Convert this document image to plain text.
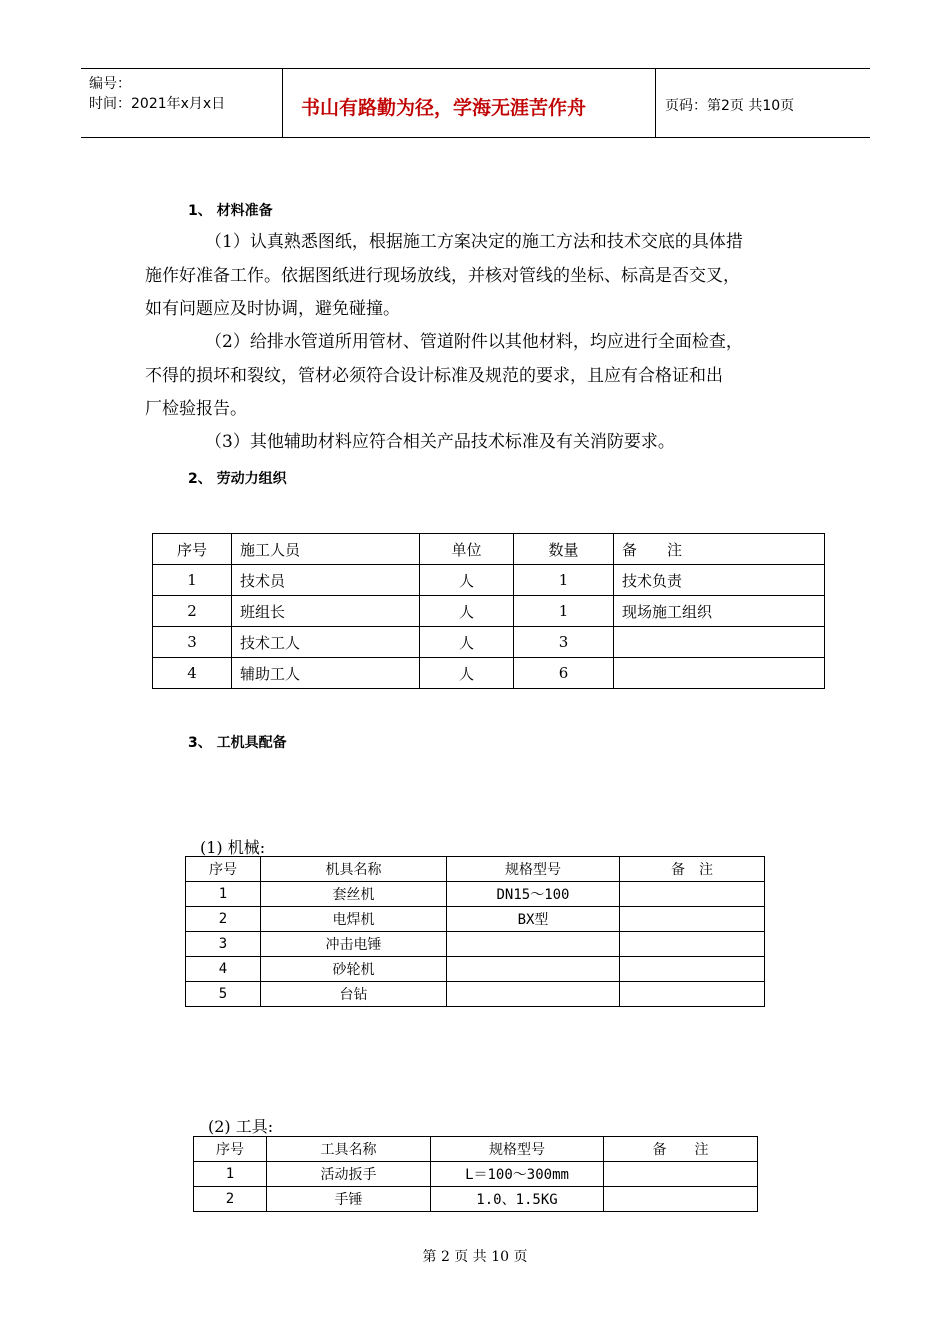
编号：
时间：2021年x月x日	书山有路勤为径，学海无涯苦作舟	页码：第2页 共10页
1、 材料准备
（1）认真熟悉图纸，根据施工方案决定的施工方法和技术交底的具体措
施作好准备工作。依据图纸进行现场放线，并核对管线的坐标、标高是否交叉，
如有问题应及时协调，避免碰撞。
（2）给排水管道所用管材、管道附件以其他材料，均应进行全面检查，
不得的损坏和裂纹，管材必须符合设计标准及规范的要求，且应有合格证和出
厂检验报告。
（3）其他辅助材料应符合相关产品技术标准及有关消防要求。
2、 劳动力组织
序号	施工人员	单位	数量	备　　注
1	技术员	人	1	技术负责
2	班组长	人	1	现场施工组织
3	技术工人	人	3	
4	辅助工人	人	6	
3、 工机具配备
(1) 机械:
序号	机具名称	规格型号	备　注
1	套丝机	DN15～100	
2	电焊机	BX型	
3	冲击电锤		
4	砂轮机		
5	台钻		
(2) 工具:
序号	工具名称	规格型号	备　　注
1	活动扳手	L＝100～300mm	
2	手锤	1.0、1.5KG	
第 2 页 共 10 页
